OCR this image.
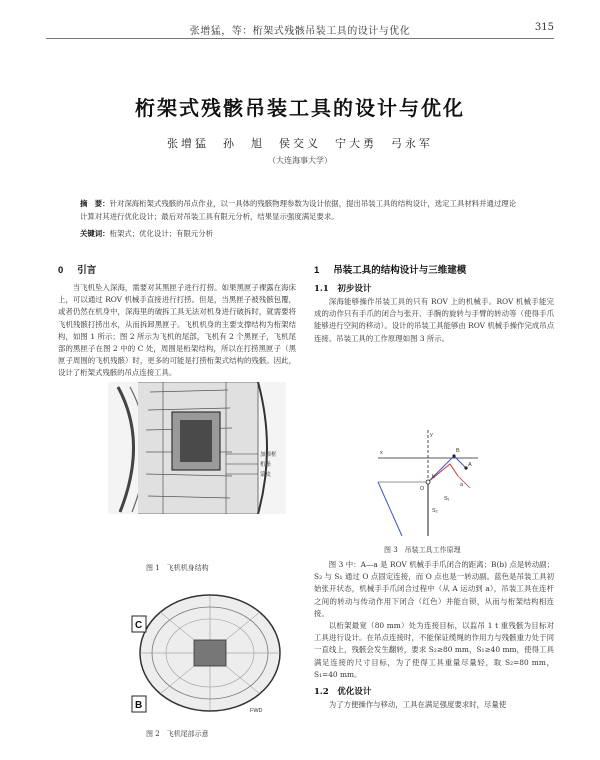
张增猛，等：桁架式残骸吊装工具的设计与优化	315
桁架式残骸吊装工具的设计与优化
张增猛　孙　旭　侯交义　宁大勇　弓永军
（大连海事大学）
摘　要：针对深海桁架式残骸的吊点作业，以一具体的残骸物理参数为设计依据，提出吊装工具的结构设计，选定工具材料并通过理论计算对其进行优化设计；最后对吊装工具有限元分析，结果显示强度满足要求。
关键词：桁架式；优化设计；有限元分析
0 引言
当飞机坠入深海，需要对其黑匣子进行打捞。如果黑匣子裸露在海床上，可以通过 ROV 机械手直接进行打捞。但是，当黑匣子被残骸包覆，或者仍然在机身中，深海里的破拆工具无法对机身进行破拆时，就需要将飞机残骸打捞出水，从而拆卸黑匣子。飞机机身的主要支撑结构为桁架结构，如图 1 所示；图 2 所示为飞机的尾部，飞机有 2 个黑匣子，飞机尾部的黑匣子在图 2 中的 C 处，周围是桁架结构，所以在打捞黑匣子（黑匣子周围的飞机残骸）时，更多的可能是打捞桁架式结构的残骸。因此，设计了桁架式残骸的吊点连接工具。
加强框
桁条
蒙皮
图 1　飞机机身结构
C
B	FWD
图 2　飞机尾部示意
1 吊装工具的结构设计与三维建模
1.1　 初步设计
深海能够操作吊装工具的只有 ROV 上的机械手。ROV 机械手能完成的动作只有手爪的闭合与张开、手腕的旋转与手臂的转动等（使得手爪能够进行空间的移动）。设计的吊装工具能够由 ROV 机械手操作完成吊点连接。吊装工具的工作原理如图 3 所示。
A
a
b
O
B
S₂
S₁
x
y
图 3　吊装工具工作原理
图 3 中：A—a 是 ROV 机械手手爪闭合的距离；B(b) 点是转动副；S₂ 与 S₁ 通过 O 点固定连接，而 O 点也是一转动副。蓝色是吊装工具初始张开状态，机械手手爪闭合过程中（从 A 运动到 a），吊装工具在连杆之间的转动与传动作用下闭合（红色）并能自锁，从而与桁架结构相连接。
以桁架最宽（80 mm）处为连接目标，以监吊 1 t 重残骸为目标对工具进行设计。在吊点连接时，不能保证缆绳的作用力与残骸重力处于同一直线上，残骸会发生翻转，要求 S₂≥80 mm，S₁≥40 mm，使得工具满足连接的尺寸目标，为了使得工具重量尽量轻，取 S₂=80 mm，S₁=40 mm。
1.2　 优化设计
为了方便操作与移动，工具在满足强度要求时，尽量使
